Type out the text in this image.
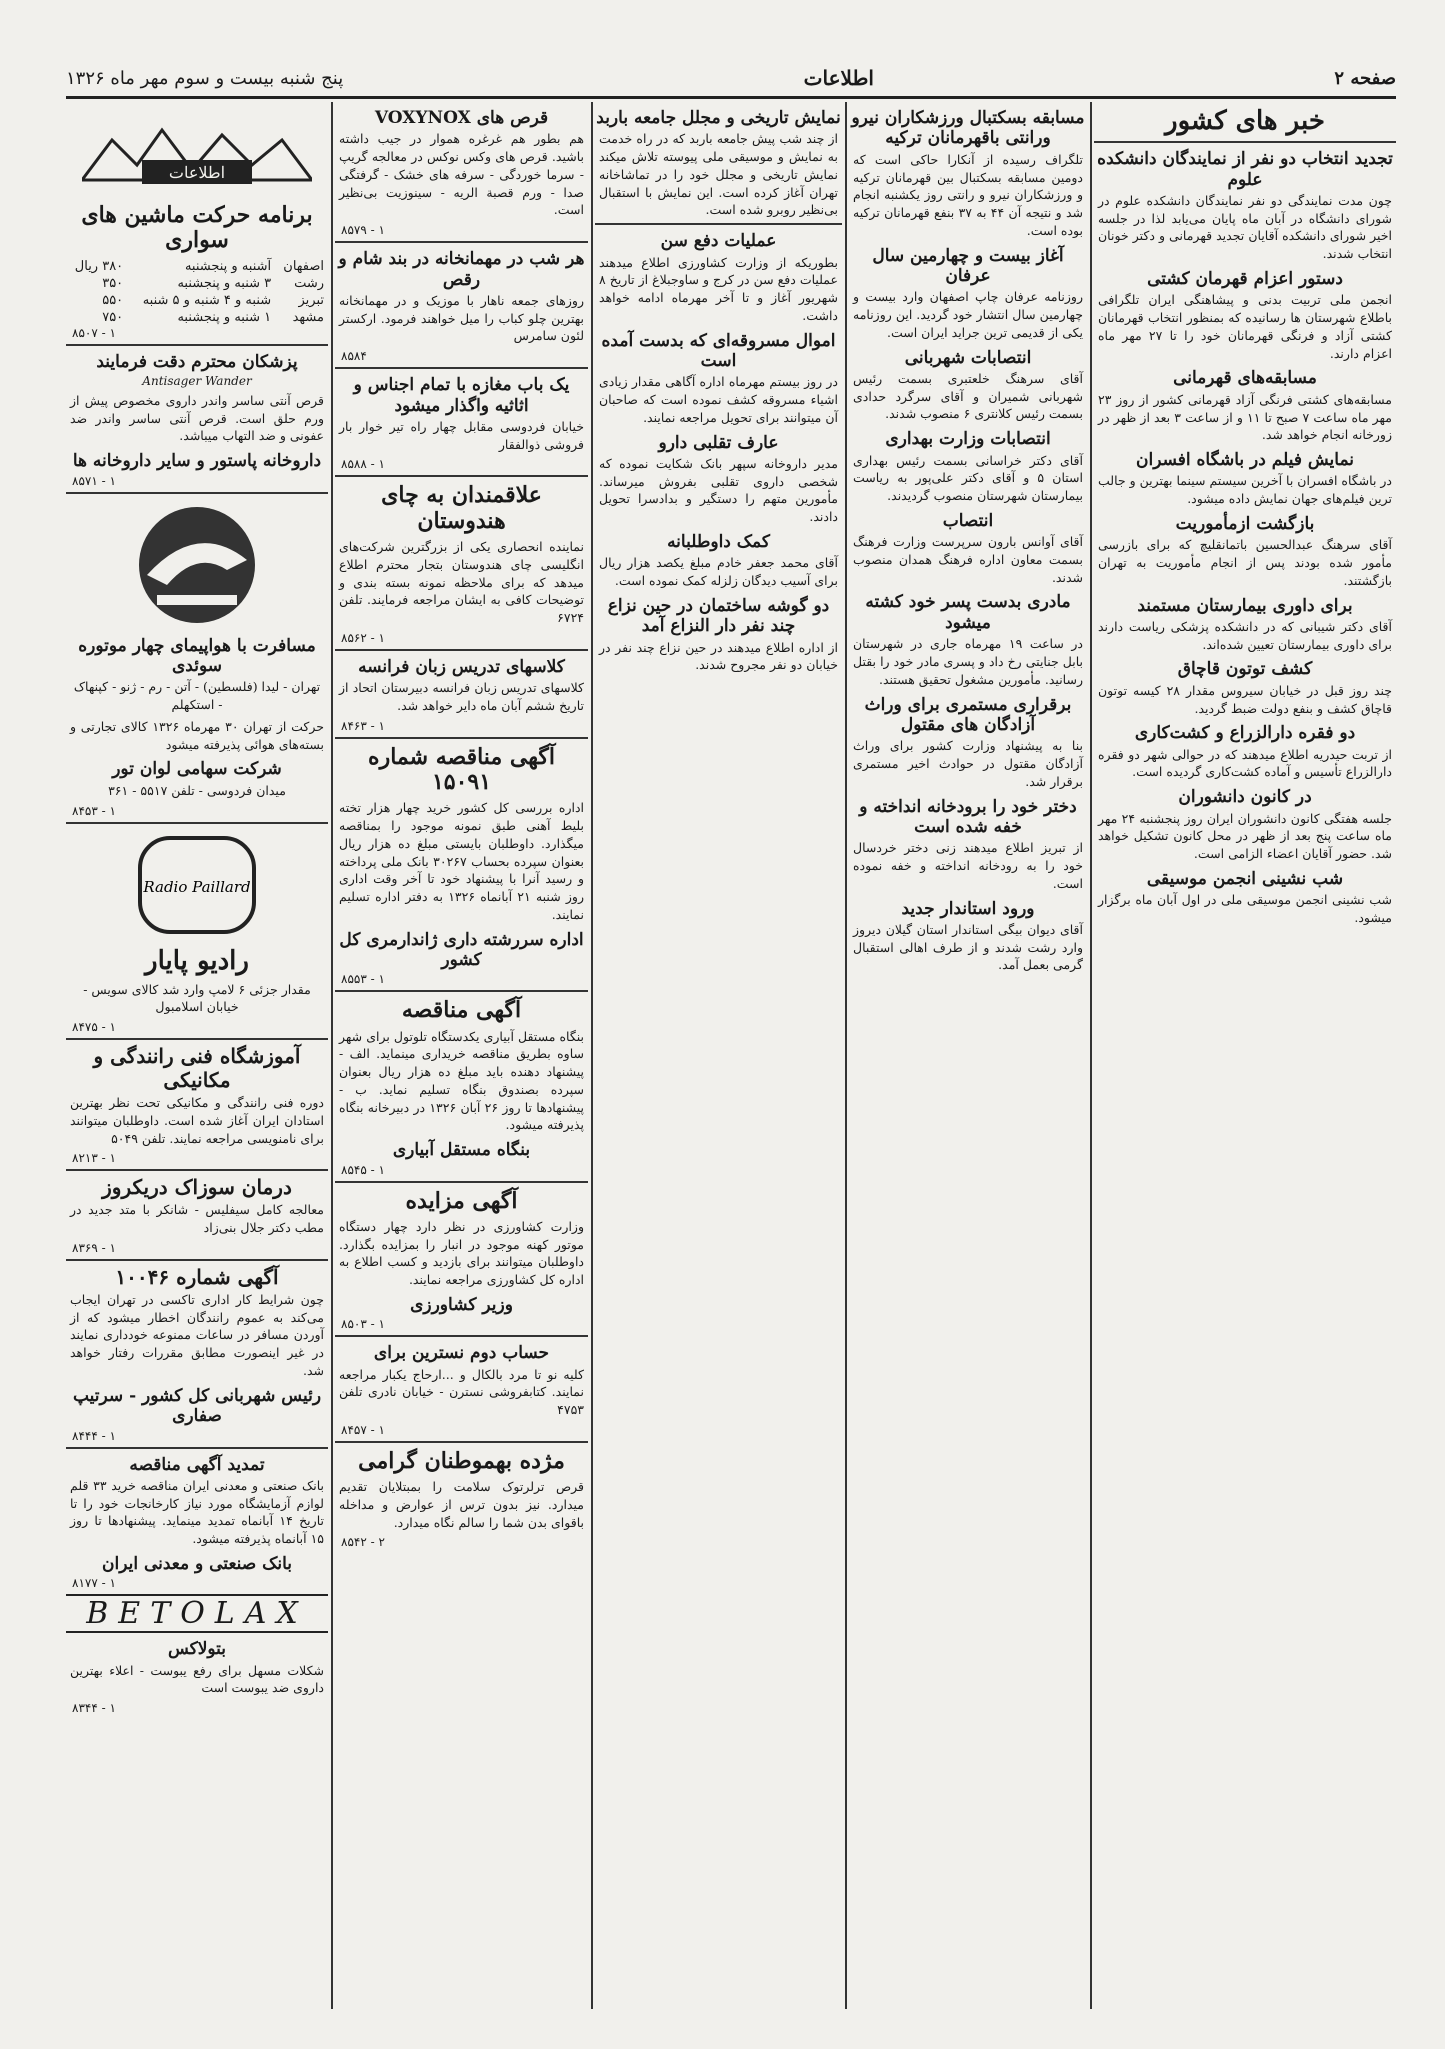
پنج شنبه بیست و سوم مهر ماه ۱۳۲۶	اطلاعات	صفحه ۲
خبر های کشور
تجدید انتخاب دو نفر از نمایندگان دانشکده علوم

چون مدت نمایندگی دو نفر نمایندگان دانشکده علوم در شورای دانشگاه در آبان ماه پایان می‌یابد لذا در جلسه اخیر شورای دانشکده آقایان تجدید قهرمانی و دکتر خونان انتخاب شدند.

دستور اعزام قهرمان کشتی

انجمن ملی تربیت بدنی و پیشاهنگی ایران تلگرافی باطلاع شهرستان ها رسانیده که بمنظور انتخاب قهرمانان کشتی آزاد و فرنگی قهرمانان خود را تا ۲۷ مهر ماه اعزام دارند.

مسابقه‌های قهرمانی

مسابقه‌های کشتی فرنگی آزاد قهرمانی کشور از روز ۲۳ مهر ماه ساعت ۷ صبح تا ۱۱ و از ساعت ۳ بعد از ظهر در زورخانه انجام خواهد شد.

نمایش فیلم در باشگاه افسران

در باشگاه افسران با آخرین سیستم سینما بهترین و جالب ترین فیلم‌های جهان نمایش داده میشود.

بازگشت ازمأموریت

آقای سرهنگ عبدالحسین باتمانقلیچ که برای بازرسی مأمور شده بودند پس از انجام مأموریت به تهران بازگشتند.

برای داوری بیمارستان مستمند

آقای دکتر شیبانی که در دانشکده پزشکی ریاست دارند برای داوری بیمارستان تعیین شده‌اند.

کشف توتون قاچاق

چند روز قبل در خیابان سیروس مقدار ۲۸ کیسه توتون قاچاق کشف و بنفع دولت ضبط گردید.

دو فقره دارالزراع و کشت‌کاری

از تربت حیدریه اطلاع میدهند که در حوالی شهر دو فقره دارالزراع تأسیس و آماده کشت‌کاری گردیده است.

در کانون دانشوران

جلسه هفتگی کانون دانشوران ایران روز پنجشنبه ۲۴ مهر ماه ساعت پنج بعد از ظهر در محل کانون تشکیل خواهد شد. حضور آقایان اعضاء الزامی است.

شب نشینی انجمن موسیقی

شب نشینی انجمن موسیقی ملی در اول آبان ماه برگزار میشود.

مسابقه بسکتبال ورزشکاران نیرو ورانتی باقهرمانان ترکیه

تلگراف رسیده از آنکارا حاکی است که دومین مسابقه بسکتبال بین قهرمانان ترکیه و ورزشکاران نیرو و رانتی روز یکشنبه انجام شد و نتیجه آن ۴۴ به ۳۷ بنفع قهرمانان ترکیه بوده است.

آغاز بیست و چهارمین سال عرفان

روزنامه عرفان چاپ اصفهان وارد بیست و چهارمین سال انتشار خود گردید. این روزنامه یکی از قدیمی ترین جراید ایران است.

انتصابات شهربانی

آقای سرهنگ خلعتبری بسمت رئیس شهربانی شمیران و آقای سرگرد حدادی بسمت رئیس کلانتری ۶ منصوب شدند.

انتصابات وزارت بهداری

آقای دکتر خراسانی بسمت رئیس بهداری استان ۵ و آقای دکتر علی‌پور به ریاست بیمارستان شهرستان منصوب گردیدند.

انتصاب

آقای آوانس بارون سرپرست وزارت فرهنگ بسمت معاون اداره فرهنگ همدان منصوب شدند.

مادری بدست پسر خود کشته میشود

در ساعت ۱۹ مهرماه جاری در شهرستان بابل جنایتی رخ داد و پسری مادر خود را بقتل رسانید. مأمورین مشغول تحقیق هستند.

برقراری مستمری برای وراث آزادگان های مقتول

بنا به پیشنهاد وزارت کشور برای وراث آزادگان مقتول در حوادث اخیر مستمری برقرار شد.

دختر خود را برودخانه انداخته و خفه شده است

از تبریز اطلاع میدهند زنی دختر خردسال خود را به رودخانه انداخته و خفه نموده است.

ورود استاندار جدید

آقای دیوان بیگی استاندار استان گیلان دیروز وارد رشت شدند و از طرف اهالی استقبال گرمی بعمل آمد.

نمایش تاریخی و مجلل جامعه باربد

از چند شب پیش جامعه باربد که در راه خدمت به نمایش و موسیقی ملی پیوسته تلاش میکند نمایش تاریخی و مجلل خود را در تماشاخانه تهران آغاز کرده است. این نمایش با استقبال بی‌نظیر روبرو شده است.

عملیات دفع سن

بطوریکه از وزارت کشاورزی اطلاع میدهند عملیات دفع سن در کرج و ساوجبلاغ از تاریخ ۸ شهریور آغاز و تا آخر مهرماه ادامه خواهد داشت.

اموال مسروقه‌ای که بدست آمده است

در روز بیستم مهرماه اداره آگاهی مقدار زیادی اشیاء مسروقه کشف نموده است که صاحبان آن میتوانند برای تحویل مراجعه نمایند.

عارف تقلبی دارو

مدیر داروخانه سپهر بانک شکایت نموده که شخصی داروی تقلبی بفروش میرساند. مأمورین متهم را دستگیر و بدادسرا تحویل دادند.

کمک داوطلبانه

آقای محمد جعفر خادم مبلغ یکصد هزار ریال برای آسیب دیدگان زلزله کمک نموده است.

دو گوشه ساختمان در حین نزاع چند نفر دار النزاع آمد

از اداره اطلاع میدهند در حین نزاع چند نفر در خیابان دو نفر مجروح شدند.

قرص های VOXYNOX

هم بطور هم غرغره هموار در جیب داشته باشید. قرص های وکس نوکس در معالجه گریپ - سرما خوردگی - سرفه های خشک - گرفتگی صدا - ورم قصبة الریه - سینوزیت بی‌نظیر است.

۸۵۷۹ - ۱
هر شب در مهمانخانه در بند شام و رقص

روزهای جمعه ناهار با موزیک و در مهمانخانه بهترین چلو کباب را میل خواهند فرمود. ارکستر لئون سامرس

۸۵۸۴
یک باب مغازه با تمام اجناس و اثاثیه واگذار میشود

خیابان فردوسی مقابل چهار راه تیر خوار بار فروشی ذوالفقار

۸۵۸۸ - ۱
علاقمندان به چای هندوستان

نماینده انحصاری یکی از بزرگترین شرکت‌های انگلیسی چای هندوستان بتجار محترم اطلاع میدهد که برای ملاحظه نمونه بسته بندی و توضیحات کافی به ایشان مراجعه فرمایند. تلفن ۶۷۲۴

۸۵۶۲ - ۱
کلاسهای تدریس زبان فرانسه

کلاسهای تدریس زبان فرانسه دبیرستان اتحاد از تاریخ ششم آبان ماه دایر خواهد شد.

۸۴۶۳ - ۱
آگهی مناقصه شماره ۱۵۰۹۱

اداره بررسی کل کشور خرید چهار هزار تخته بلیط آهنی طبق نمونه موجود را بمناقصه میگذارد. داوطلبان بایستی مبلغ ده هزار ریال بعنوان سپرده بحساب ۳۰۲۶۷ بانک ملی پرداخته و رسید آنرا با پیشنهاد خود تا آخر وقت اداری روز شنبه ۲۱ آبانماه ۱۳۲۶ به دفتر اداره تسلیم نمایند.

اداره سررشته داری ژاندارمری کل کشور
۸۵۵۳ - ۱
آگهی مناقصه

بنگاه مستقل آبیاری یکدستگاه تلوتول برای شهر ساوه بطریق مناقصه خریداری مینماید. الف - پیشنهاد دهنده باید مبلغ ده هزار ریال بعنوان سپرده بصندوق بنگاه تسلیم نماید. ب - پیشنهادها تا روز ۲۶ آبان ۱۳۲۶ در دبیرخانه بنگاه پذیرفته میشود.

بنگاه مستقل آبیاری
۸۵۴۵ - ۱
آگهی مزایده

وزارت کشاورزی در نظر دارد چهار دستگاه موتور کهنه موجود در انبار را بمزایده بگذارد. داوطلبان میتوانند برای بازدید و کسب اطلاع به اداره کل کشاورزی مراجعه نمایند.

وزیر کشاورزی
۸۵۰۳ - ۱
حساب دوم نسترین برای

کلیه نو تا مرد بالکال و ...ارحاج یکبار مراجعه نمایند. کتابفروشی نسترن - خیابان نادری تلفن ۴۷۵۳

۸۴۵۷ - ۱
مژده بهموطنان گرامی

قرص ترلرتوک سلامت را بمبتلایان تقدیم میدارد. نیز بدون ترس از عوارض و مداخله باقوای بدن شما را سالم نگاه میدارد.

۸۵۴۲ - ۲
اطلاعات
برنامه حرکت ماشین های سواری
اصفهان	آشنبه و پنجشنبه	۳۸۰ ریال
رشت	۳ شنبه و پنجشنبه	۳۵۰
تبریز	شنبه و ۴ شنبه و ۵ شنبه	۵۵۰
مشهد	۱ شنبه و پنجشنبه	۷۵۰
۸۵۰۷ - ۱
پزشکان محترم دقت فرمایند
Antisager Wander

قرص آنتی ساسر واندر داروی مخصوص پیش از ورم حلق است. قرص آنتی ساسر واندر ضد عفونی و ضد التهاب میباشد.

داروخانه پاستور و سایر داروخانه ها
۸۵۷۱ - ۱
مسافرت با هواپیمای چهار موتوره سوئدی

تهران - لیدا (فلسطین) - آتن - رم - ژنو - کپنهاک - استکهلم

حرکت از تهران ۳۰ مهرماه ۱۳۲۶ کالای تجارتی و بسته‌های هوائی پذیرفته میشود

شرکت سهامی لوان تور

میدان فردوسی - تلفن ۵۵۱۷ - ۳۶۱

۸۴۵۳ - ۱
Radio Paillard
رادیو پایار

مقدار جزئی ۶ لامپ وارد شد کالای سویس - خیابان اسلامبول

۸۴۷۵ - ۱
آموزشگاه فنی رانندگی و مکانیکی

دوره فنی رانندگی و مکانیکی تحت نظر بهترین استادان ایران آغاز شده است. داوطلبان میتوانند برای نامنویسی مراجعه نمایند. تلفن ۵۰۴۹

۸۲۱۳ - ۱
درمان سوزاک دریکروز

معالجه کامل سیفلیس - شانکر با متد جدید در مطب دکتر جلال بنی‌زاد

۸۳۶۹ - ۱
آگهی شماره ۱۰۰۴۶

چون شرایط کار اداری تاکسی در تهران ایجاب می‌کند به عموم رانندگان اخطار میشود که از آوردن مسافر در ساعات ممنوعه خودداری نمایند در غیر اینصورت مطابق مقررات رفتار خواهد شد.

رئیس شهربانی کل کشور - سرتیپ صفاری
۸۴۴۴ - ۱
تمدید آگهی مناقصه

بانک صنعتی و معدنی ایران مناقصه خرید ۳۳ قلم لوازم آزمایشگاه مورد نیاز کارخانجات خود را تا تاریخ ۱۴ آبانماه تمدید مینماید. پیشنهادها تا روز ۱۵ آبانماه پذیرفته میشود.

بانک صنعتی و معدنی ایران
۸۱۷۷ - ۱
BETOLAX
بتولاکس

شکلات مسهل برای رفع یبوست - اعلاء بهترین داروی ضد یبوست است

۸۳۴۴ - ۱
